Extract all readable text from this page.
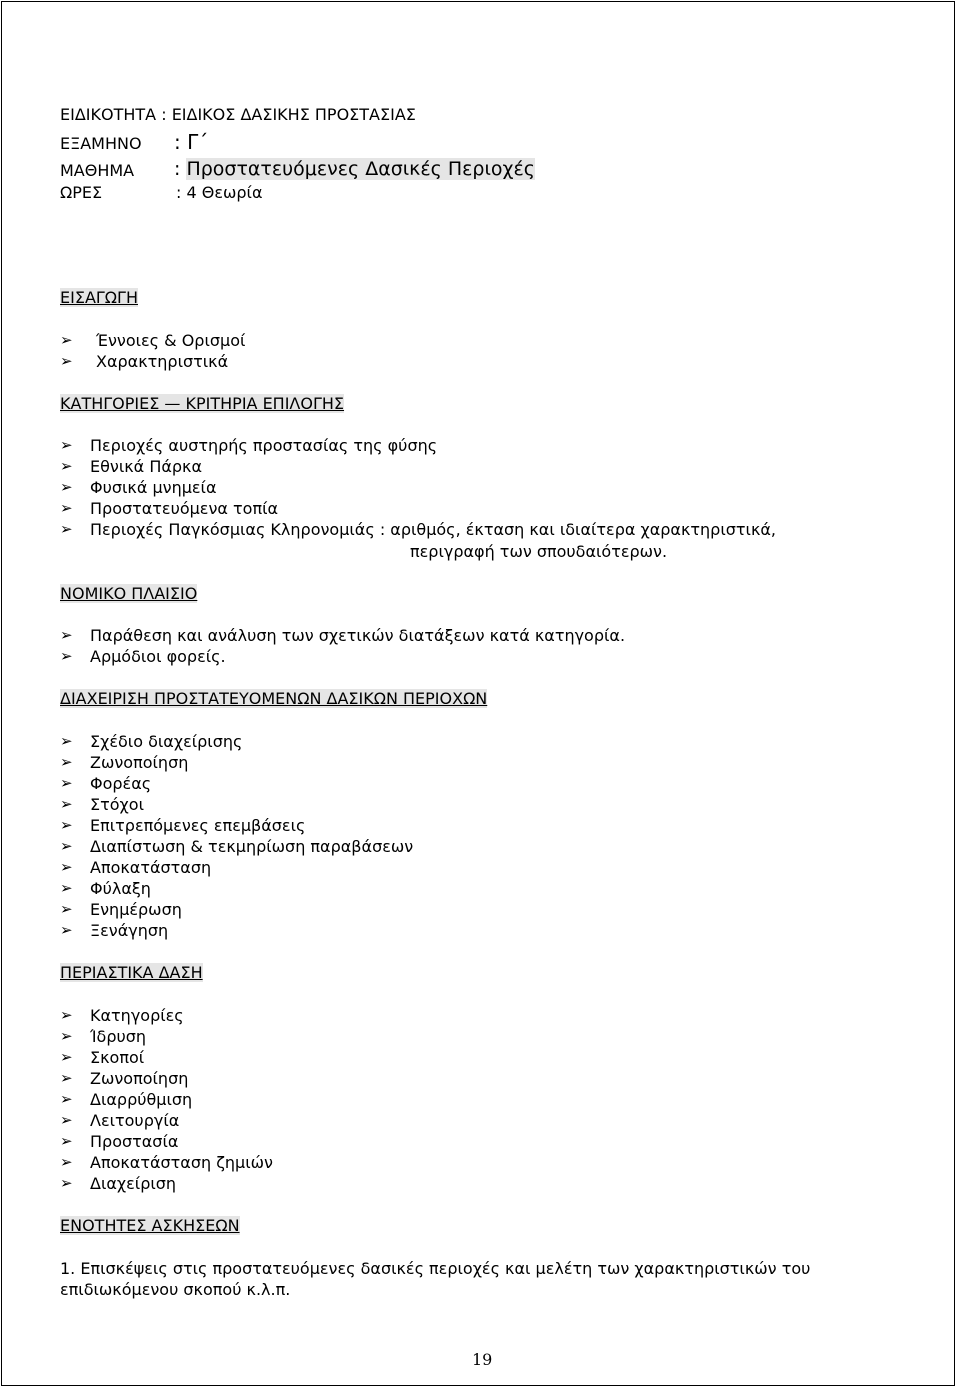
ΕΙΔΙΚΟΤΗΤΑ : ΕΙΔΙΚΟΣ ΔΑΣΙΚΗΣ ΠΡΟΣΤΑΣΙΑΣ
ΕΞΑΜΗΝΟ : Γ΄
ΜΑΘΗΜΑ : Προστατευόμενες Δασικές Περιοχές
ΩΡΕΣ	: 4 Θεωρία
ΕΙΣΑΓΩΓΗ
➢ Έννοιες & Ορισμοί
➢ Χαρακτηριστικά
ΚΑΤΗΓΟΡΙΕΣ — ΚΡΙΤΗΡΙΑ ΕΠΙΛΟΓΗΣ
➢ Περιοχές αυστηρής προστασίας της φύσης
➢ Εθνικά Πάρκα
➢ Φυσικά μνημεία
➢ Προστατευόμενα τοπία
➢ Περιοχές Παγκόσμιας Κληρονομιάς : αριθμός, έκταση και ιδιαίτερα χαρακτηριστικά,
περιγραφή των σπουδαιότερων.
ΝΟΜΙΚΟ ΠΛΑΙΣΙΟ
➢ Παράθεση και ανάλυση των σχετικών διατάξεων κατά κατηγορία.
➢ Αρμόδιοι φορείς.
ΔΙΑΧΕΙΡΙΣΗ ΠΡΟΣΤΑΤΕΥΟΜΕΝΩΝ ΔΑΣΙΚΩΝ ΠΕΡΙΟΧΩΝ
➢ Σχέδιο διαχείρισης
➢ Ζωνοποίηση
➢ Φορέας
➢ Στόχοι
➢ Επιτρεπόμενες επεμβάσεις
➢ Διαπίστωση & τεκμηρίωση παραβάσεων
➢ Αποκατάσταση
➢ Φύλαξη
➢ Ενημέρωση
➢ Ξενάγηση
ΠΕΡΙΑΣΤΙΚΑ ΔΑΣΗ
➢ Κατηγορίες
➢ Ίδρυση
➢ Σκοποί
➢ Ζωνοποίηση
➢ Διαρρύθμιση
➢ Λειτουργία
➢ Προστασία
➢ Αποκατάσταση ζημιών
➢ Διαχείριση
ΕΝΟΤΗΤΕΣ ΑΣΚΗΣΕΩΝ
1. Επισκέψεις στις προστατευόμενες δασικές περιοχές και μελέτη των χαρακτηριστικών του
επιδιωκόμενου σκοπού κ.λ.π.
19
